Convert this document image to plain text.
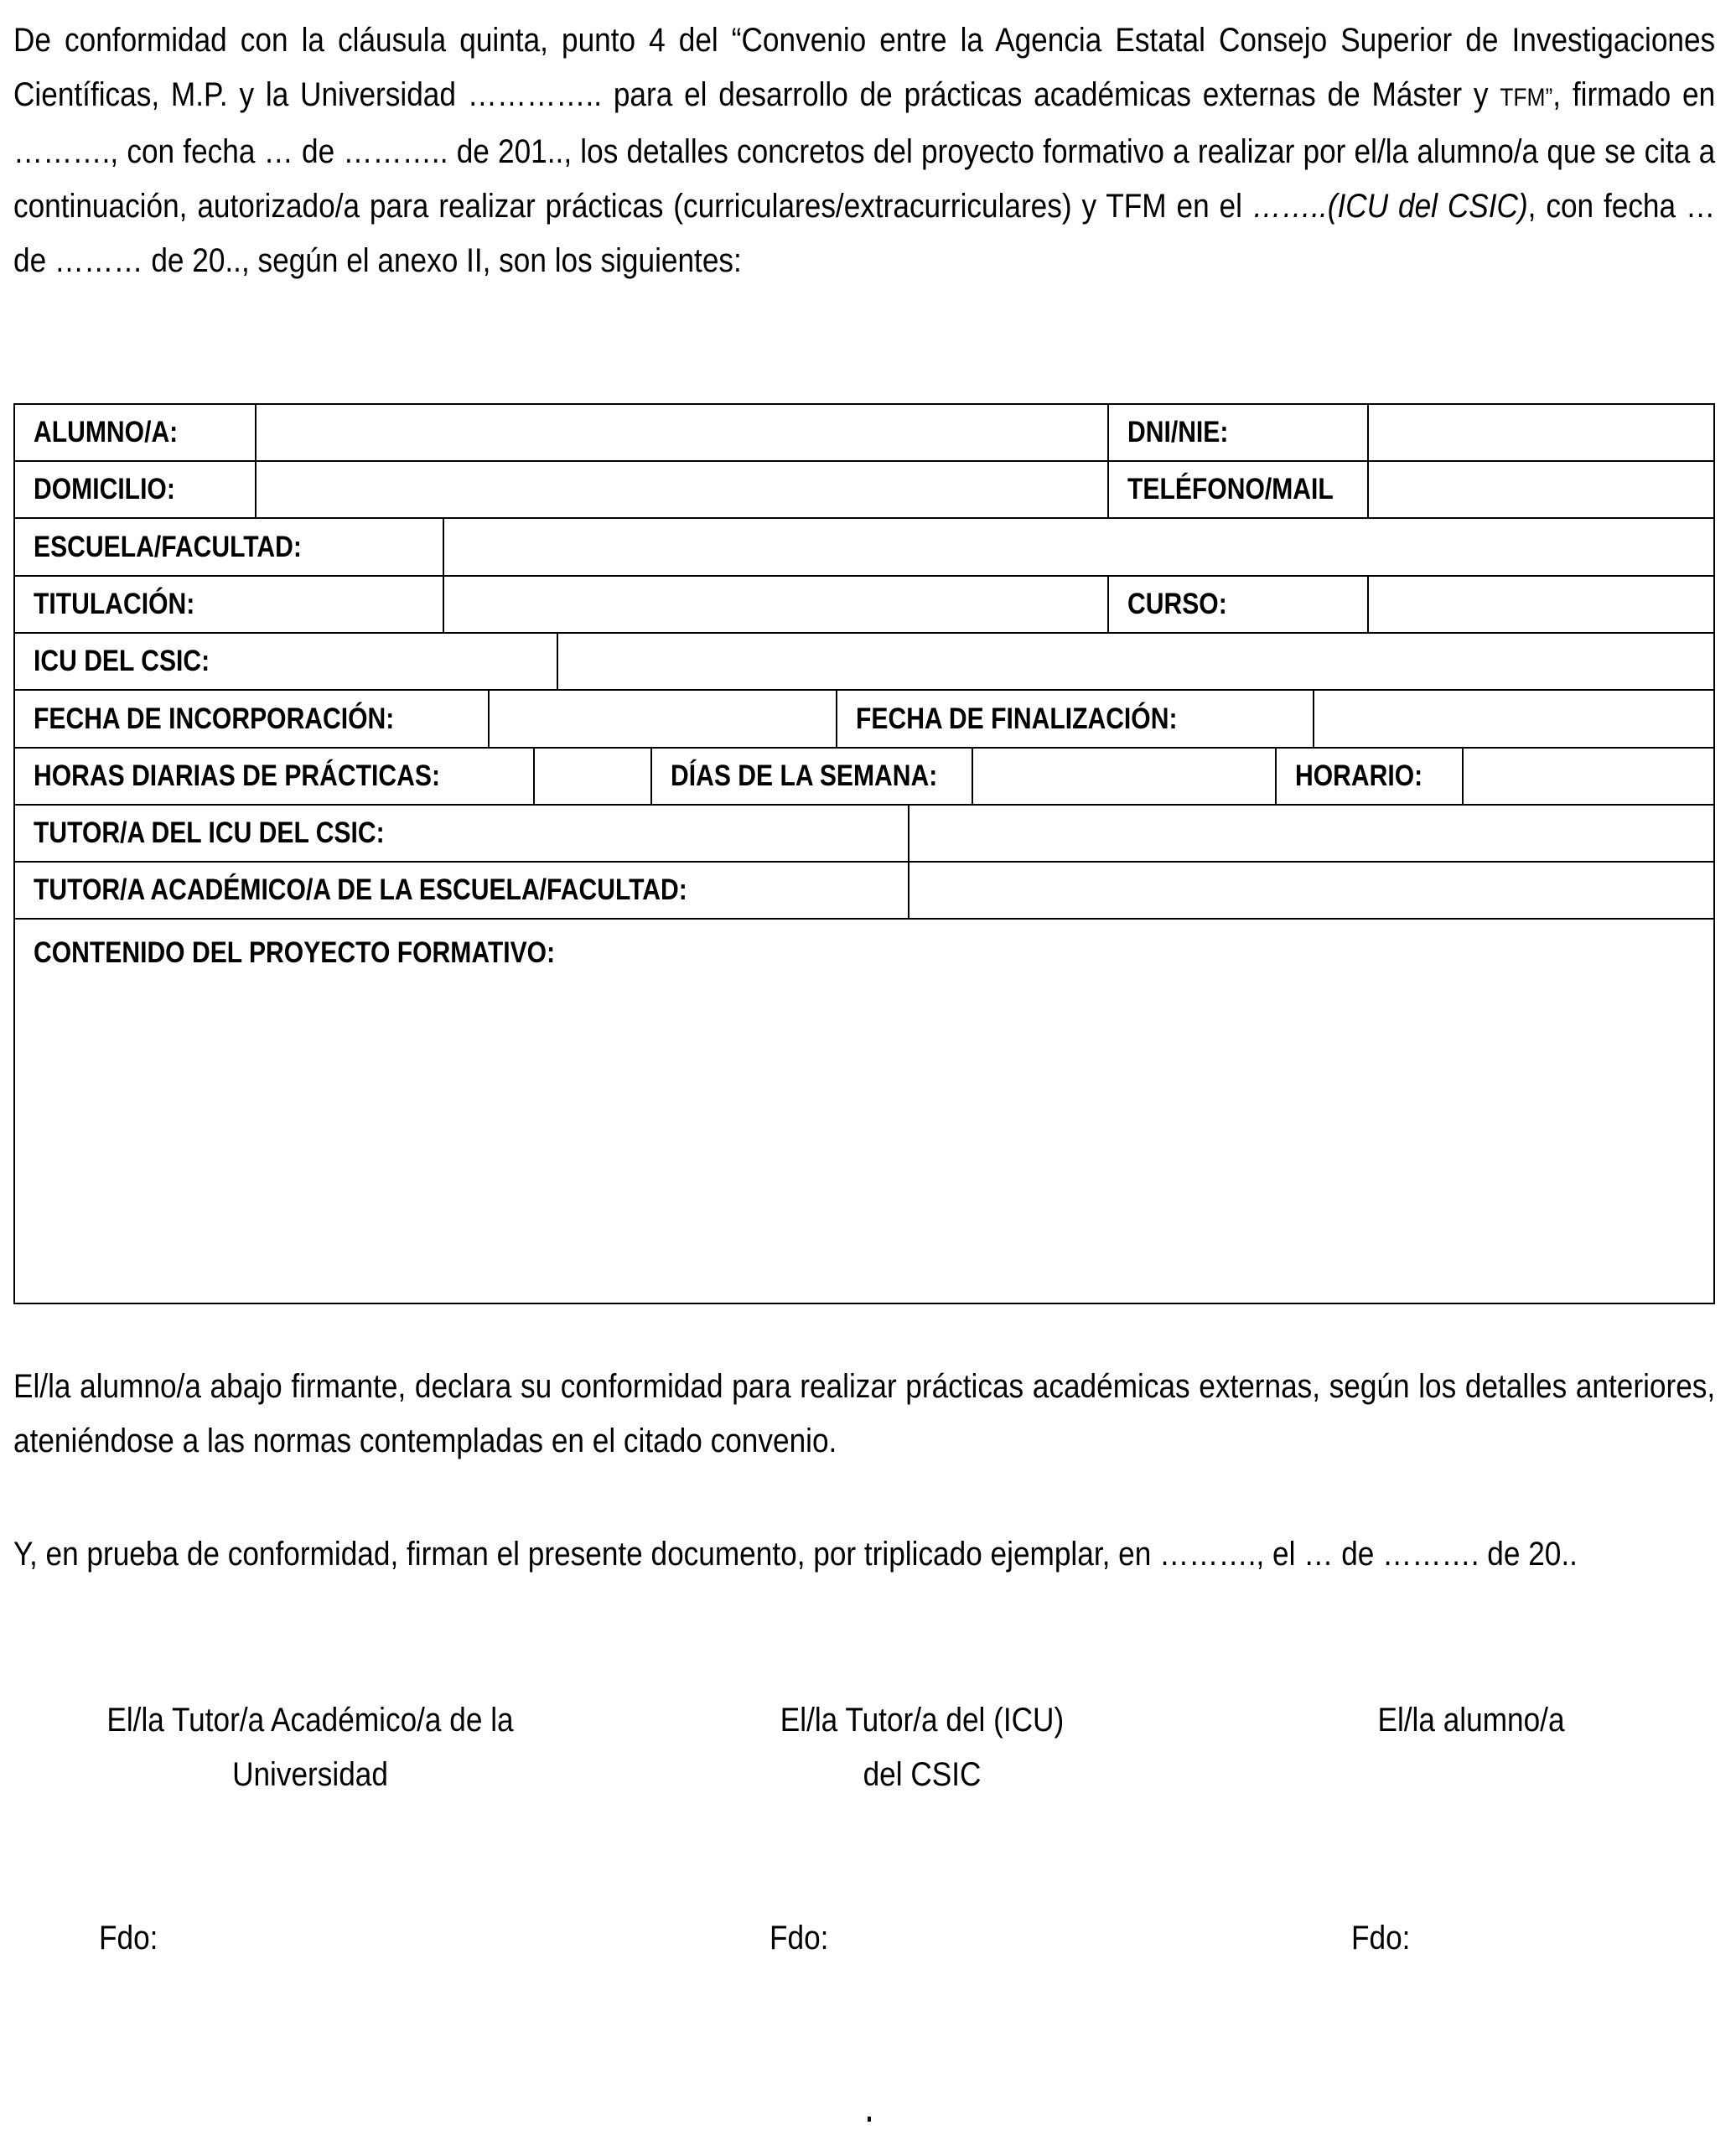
De conformidad con la cláusula quinta, punto 4 del “Convenio entre la Agencia Estatal Consejo Superior de Investigaciones Científicas, M.P. y la Universidad ………….. para el desarrollo de prácticas académicas externas de Máster y TFM”, firmado en ………., con fecha … de ……….. de 201.., los detalles concretos del proyecto formativo a realizar por el/la alumno/a que se cita a continuación, autorizado/a para realizar prácticas (curriculares/extracurriculares) y TFM en el ……..(ICU del CSIC), con fecha … de ……… de 20.., según el anexo II, son los siguientes:
ALUMNO/A:	DNI/NIE:
DOMICILIO:	TELÉFONO/MAIL
ESCUELA/FACULTAD:
TITULACIÓN:	CURSO:
ICU DEL CSIC:
FECHA DE INCORPORACIÓN:	FECHA DE FINALIZACIÓN:
HORAS DIARIAS DE PRÁCTICAS:	DÍAS DE LA SEMANA:	HORARIO:
TUTOR/A DEL ICU DEL CSIC:
TUTOR/A ACADÉMICO/A DE LA ESCUELA/FACULTAD:
CONTENIDO DEL PROYECTO FORMATIVO:
El/la alumno/a abajo firmante, declara su conformidad para realizar prácticas académicas externas, según los detalles anteriores, ateniéndose a las normas contempladas en el citado convenio.
Y, en prueba de conformidad, firman el presente documento, por triplicado ejemplar, en ………., el … de ………. de 20..
El/la Tutor/a Académico/a de la
Universidad
El/la Tutor/a del (ICU)
del CSIC
El/la alumno/a
Fdo:	Fdo:	Fdo:
